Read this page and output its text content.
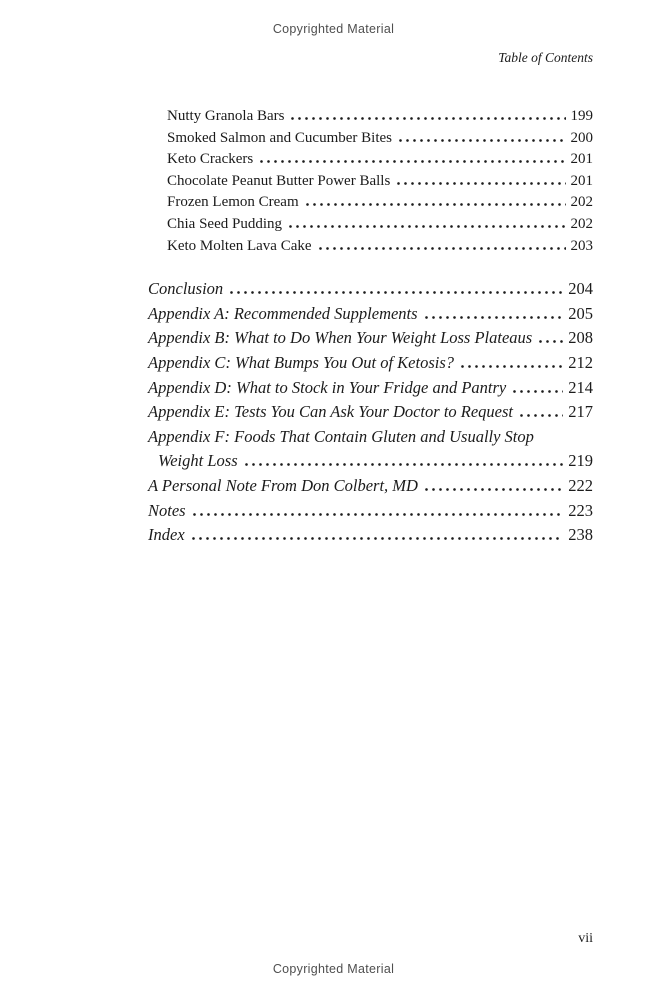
Copyrighted Material
Table of Contents
Nutty Granola Bars	199
Smoked Salmon and Cucumber Bites	200
Keto Crackers	201
Chocolate Peanut Butter Power Balls	201
Frozen Lemon Cream	202
Chia Seed Pudding	202
Keto Molten Lava Cake	203
Conclusion	204
Appendix A: Recommended Supplements	205
Appendix B: What to Do When Your Weight Loss Plateaus 208
Appendix C: What Bumps You Out of Ketosis?	212
Appendix D: What to Stock in Your Fridge and Pantry	214
Appendix E: Tests You Can Ask Your Doctor to Request	217
Appendix F: Foods That Contain Gluten and Usually Stop
Weight Loss	219
A Personal Note From Don Colbert, MD	222
Notes	223
Index	238
vii
Copyrighted Material
